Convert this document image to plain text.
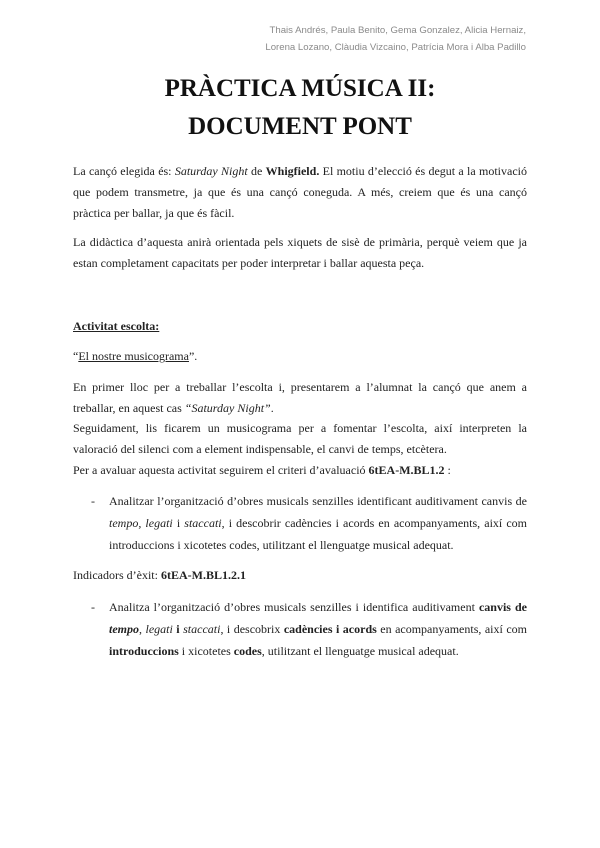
Thais Andrés, Paula Benito, Gema Gonzalez, Alicia Hernaiz,
Lorena Lozano, Clàudia Vizcaino, Patrícia Mora i Alba Padillo
PRÀCTICA MÚSICA II:
DOCUMENT PONT

La cançó elegida és: Saturday Night de Whigfield. El motiu d’elecció és degut a la motivació que podem transmetre, ja que és una cançó coneguda. A més, creiem que és una cançó pràctica per ballar, ja que és fàcil.

La didàctica d’aquesta anirà orientada pels xiquets de sisè de primària, perquè veiem que ja estan completament capacitats per poder interpretar i ballar aquesta peça.

Activitat escolta:

“El nostre musicograma”.

En primer lloc per a treballar l’escolta i, presentarem a l’alumnat la cançó que anem a treballar, en aquest cas “Saturday Night”.

Seguidament, lis ficarem un musicograma per a fomentar l’escolta, així interpreten la valoració del silenci com a element indispensable, el canvi de temps, etcètera.

Per a avaluar aquesta activitat seguirem el criteri d’avaluació 6tEA-M.BL1.2 :

- Analitzar l’organització d’obres musicals senzilles identificant auditivament canvis de tempo, legati i staccati, i descobrir cadències i acords en acompanyaments, així com introduccions i xicotetes codes, utilitzant el llenguatge musical adequat.

Indicadors d’èxit: 6tEA-M.BL1.2.1

- Analitza l’organització d’obres musicals senzilles i identifica auditivament canvis de tempo, legati i staccati, i descobrix cadències i acords en acompanyaments, així com introduccions i xicotetes codes, utilitzant el llenguatge musical adequat.
